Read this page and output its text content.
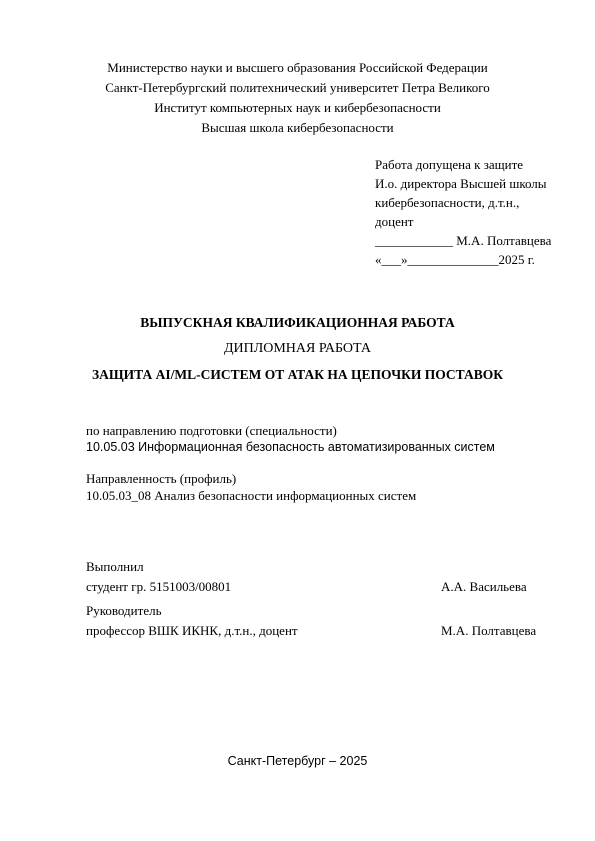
Министерство науки и высшего образования Российской Федерации
Санкт-Петербургский политехнический университет Петра Великого
Институт компьютерных наук и кибербезопасности
Высшая школа кибербезопасности
Работа допущена к защите
И.о. директора Высшей школы
кибербезопасности, д.т.н.,
доцент
____________ М.А. Полтавцева
«___»______________2025 г.
ВЫПУСКНАЯ КВАЛИФИКАЦИОННАЯ РАБОТА
ДИПЛОМНАЯ РАБОТА
ЗАЩИТА AI/ML-СИСТЕМ ОТ АТАК НА ЦЕПОЧКИ ПОСТАВОК
по направлению подготовки (специальности)
10.05.03 Информационная безопасность автоматизированных систем
Направленность (профиль)
10.05.03_08 Анализ безопасности информационных систем
Выполнил
студент гр. 5151003/00801	А.А. Васильева
Руководитель
профессор ВШК ИКНК, д.т.н., доцент	М.А. Полтавцева
Санкт-Петербург – 2025
